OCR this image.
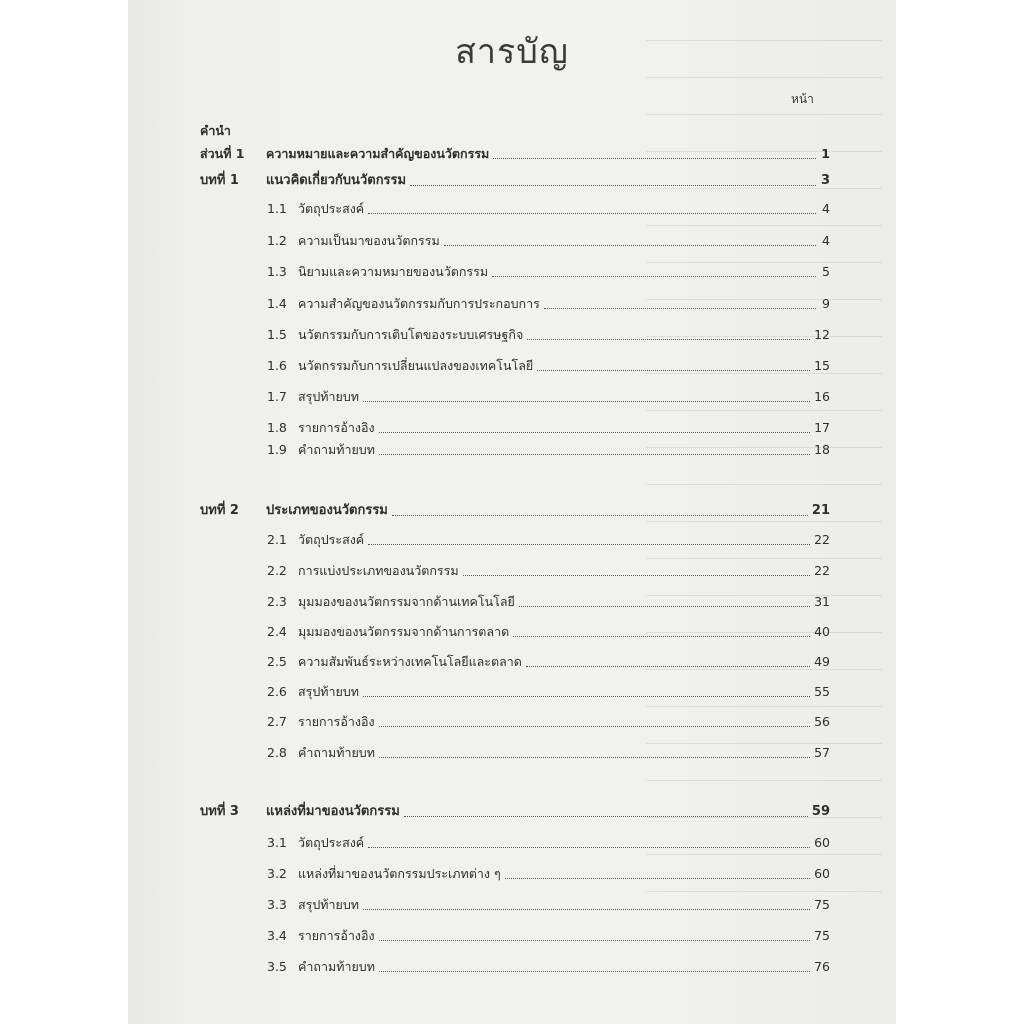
สารบัญ
หน้า
คำนำ
ส่วนที่ 1	ความหมายและความสำคัญของนวัตกรรม	1
บทที่ 1	แนวคิดเกี่ยวกับนวัตกรรม	3
1.1 วัตถุประสงค์	4
1.2 ความเป็นมาของนวัตกรรม	4
1.3 นิยามและความหมายของนวัตกรรม	5
1.4 ความสำคัญของนวัตกรรมกับการประกอบการ	9
1.5 นวัตกรรมกับการเติบโตของระบบเศรษฐกิจ	12
1.6 นวัตกรรมกับการเปลี่ยนแปลงของเทคโนโลยี	15
1.7 สรุปท้ายบท	16
1.8 รายการอ้างอิง	17
1.9 คำถามท้ายบท	18
บทที่ 2	ประเภทของนวัตกรรม	21
2.1 วัตถุประสงค์	22
2.2 การแบ่งประเภทของนวัตกรรม	22
2.3 มุมมองของนวัตกรรมจากด้านเทคโนโลยี	31
2.4 มุมมองของนวัตกรรมจากด้านการตลาด	40
2.5 ความสัมพันธ์ระหว่างเทคโนโลยีและตลาด	49
2.6 สรุปท้ายบท	55
2.7 รายการอ้างอิง	56
2.8 คำถามท้ายบท	57
บทที่ 3	แหล่งที่มาของนวัตกรรม	59
3.1 วัตถุประสงค์	60
3.2 แหล่งที่มาของนวัตกรรมประเภทต่าง ๆ	60
3.3 สรุปท้ายบท	75
3.4 รายการอ้างอิง	75
3.5 คำถามท้ายบท	76
